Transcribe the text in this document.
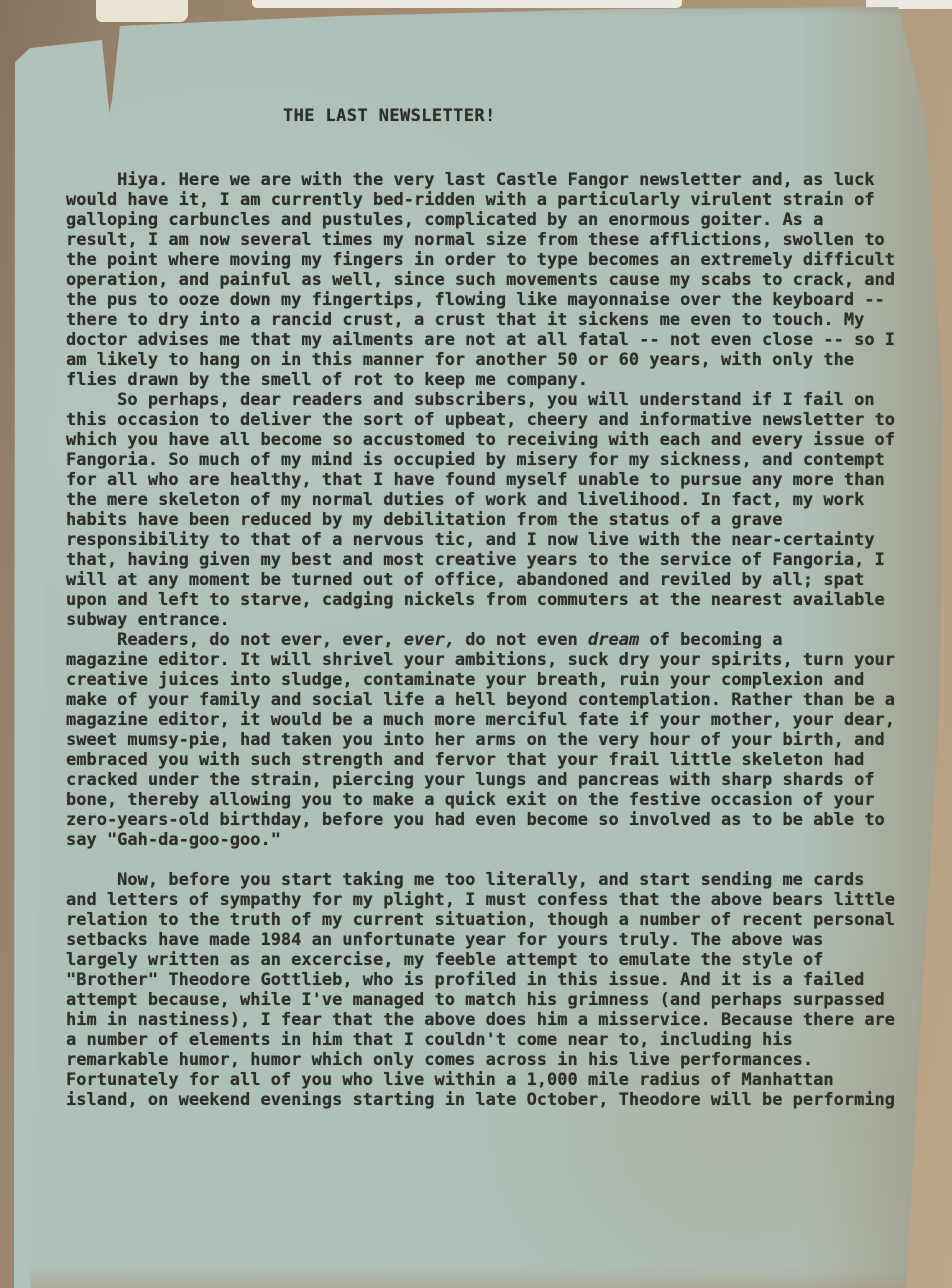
THE LAST NEWSLETTER!
Hiya. Here we are with the very last Castle Fangor newsletter and, as luck
would have it, I am currently bed-ridden with a particularly virulent strain of
galloping carbuncles and pustules, complicated by an enormous goiter. As a
result, I am now several times my normal size from these afflictions, swollen to
the point where moving my fingers in order to type becomes an extremely difficult
operation, and painful as well, since such movements cause my scabs to crack, and
the pus to ooze down my fingertips, flowing like mayonnaise over the keyboard --
there to dry into a rancid crust, a crust that it sickens me even to touch. My
doctor advises me that my ailments are not at all fatal -- not even close -- so I
am likely to hang on in this manner for another 50 or 60 years, with only the
flies drawn by the smell of rot to keep me company.
So perhaps, dear readers and subscribers, you will understand if I fail on
this occasion to deliver the sort of upbeat, cheery and informative newsletter to
which you have all become so accustomed to receiving with each and every issue of
Fangoria. So much of my mind is occupied by misery for my sickness, and contempt
for all who are healthy, that I have found myself unable to pursue any more than
the mere skeleton of my normal duties of work and livelihood. In fact, my work
habits have been reduced by my debilitation from the status of a grave
responsibility to that of a nervous tic, and I now live with the near-certainty
that, having given my best and most creative years to the service of Fangoria, I
will at any moment be turned out of office, abandoned and reviled by all; spat
upon and left to starve, cadging nickels from commuters at the nearest available
subway entrance.
Readers, do not ever, ever, ever, do not even dream of becoming a
magazine editor. It will shrivel your ambitions, suck dry your spirits, turn your
creative juices into sludge, contaminate your breath, ruin your complexion and
make of your family and social life a hell beyond contemplation. Rather than be a
magazine editor, it would be a much more merciful fate if your mother, your dear,
sweet mumsy-pie, had taken you into her arms on the very hour of your birth, and
embraced you with such strength and fervor that your frail little skeleton had
cracked under the strain, piercing your lungs and pancreas with sharp shards of
bone, thereby allowing you to make a quick exit on the festive occasion of your
zero-years-old birthday, before you had even become so involved as to be able to
say "Gah-da-goo-goo."
Now, before you start taking me too literally, and start sending me cards
and letters of sympathy for my plight, I must confess that the above bears little
relation to the truth of my current situation, though a number of recent personal
setbacks have made 1984 an unfortunate year for yours truly. The above was
largely written as an excercise, my feeble attempt to emulate the style of
"Brother" Theodore Gottlieb, who is profiled in this issue. And it is a failed
attempt because, while I've managed to match his grimness (and perhaps surpassed
him in nastiness), I fear that the above does him a misservice. Because there are
a number of elements in him that I couldn't come near to, including his
remarkable humor, humor which only comes across in his live performances.
Fortunately for all of you who live within a 1,000 mile radius of Manhattan
island, on weekend evenings starting in late October, Theodore will be performing
